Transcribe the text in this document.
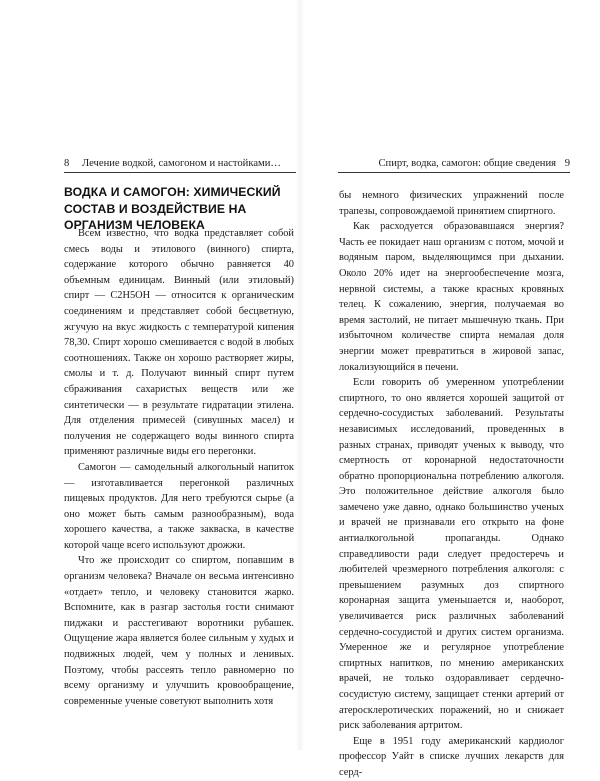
8 Лечение водкой, самогоном и настойками…
ВОДКА И САМОГОН: ХИМИЧЕСКИЙ СОСТАВ И ВОЗДЕЙСТВИЕ НА ОРГАНИЗМ ЧЕЛОВЕКА

Всем известно, что водка представляет собой смесь воды и этилового (винного) спирта, содержание которого обычно равняется 40 объемным единицам. Винный (или этиловый) спирт — C2H5OH — относится к органическим соединениям и представляет собой бесцветную, жгучую на вкус жидкость с температурой кипения 78,30. Спирт хорошо смешивается с водой в любых соотношениях. Также он хорошо растворяет жиры, смолы и т. д. Получают винный спирт путем сбраживания сахаристых веществ или же синтетически — в результате гидратации этилена. Для отделения примесей (сивушных масел) и получения не содержащего воды винного спирта применяют различные виды его перегонки.

Самогон — самодельный алкогольный напиток — изготавливается перегонкой различных пищевых продуктов. Для него требуются сырье (а оно может быть самым разнообразным), вода хорошего качества, а также закваска, в качестве которой чаще всего используют дрожжи.

Что же происходит со спиртом, попавшим в организм человека? Вначале он весьма интенсивно «отдает» тепло, и человеку становится жарко. Вспомните, как в разгар застолья гости снимают пиджаки и расстегивают воротники рубашек. Ощущение жара является более сильным у худых и подвижных людей, чем у полных и ленивых. Поэтому, чтобы рассеять тепло равномерно по всему организму и улучшить кровообращение, современные ученые советуют выполнить хотя

Спирт, водка, самогон: общие сведения 9

бы немного физических упражнений после трапезы, сопровождаемой принятием спиртного.

Как расходуется образовавшаяся энергия? Часть ее покидает наш организм с потом, мочой и водяным паром, выделяющимся при дыхании. Около 20% идет на энергообеспечение мозга, нервной системы, а также красных кровяных телец. К сожалению, энергия, получаемая во время застолий, не питает мышечную ткань. При избыточном количестве спирта немалая доля энергии может превратиться в жировой запас, локализующийся в печени.

Если говорить об умеренном употреблении спиртного, то оно является хорошей защитой от сердечно-сосудистых заболеваний. Результаты независимых исследований, проведенных в разных странах, приводят ученых к выводу, что смертность от коронарной недостаточности обратно пропорциональна потреблению алкоголя. Это положительное действие алкоголя было замечено уже давно, однако большинство ученых и врачей не признавали его открыто на фоне антиалкогольной пропаганды. Однако справедливости ради следует предостеречь и любителей чрезмерного потребления алкоголя: с превышением разумных доз спиртного коронарная защита уменьшается и, наоборот, увеличивается риск различных заболеваний сердечно-сосудистой и других систем организма. Умеренное же и регулярное употребление спиртных напитков, по мнению американских врачей, не только оздоравливает сердечно-сосудистую систему, защищает стенки артерий от атеросклеротических поражений, но и снижает риск заболевания артритом.

Еще в 1951 году американский кардиолог профессор Уайт в списке лучших лекарств для серд-
